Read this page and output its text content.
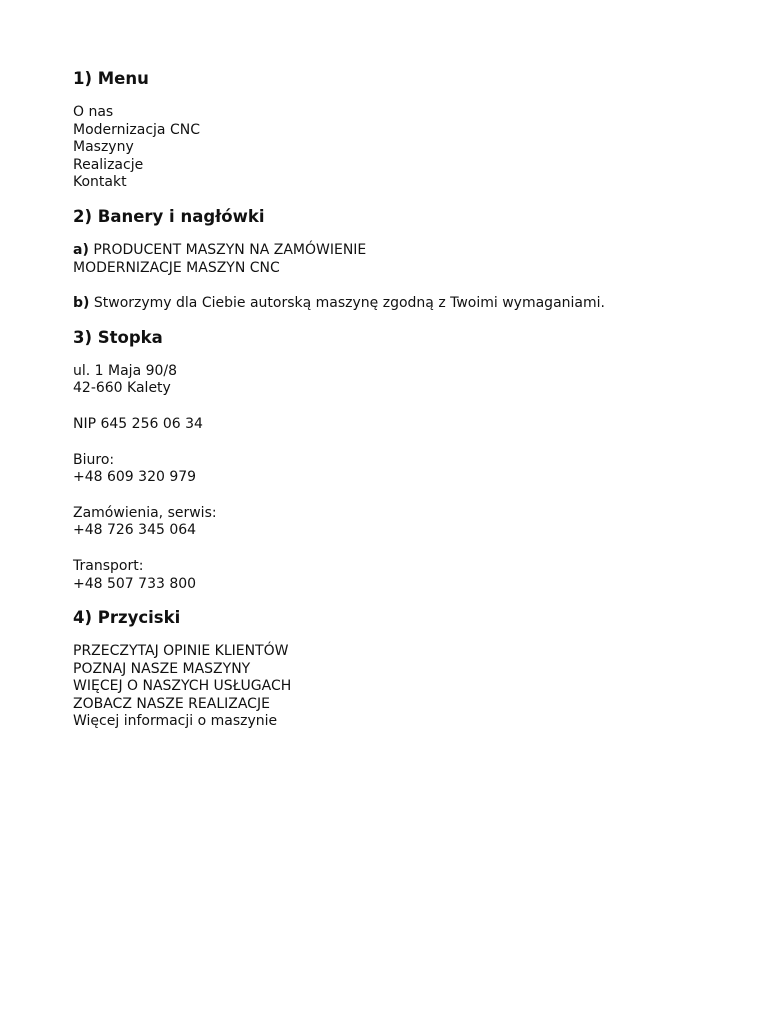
1) Menu
O nas
Modernizacja CNC
Maszyny
Realizacje
Kontakt
2) Banery i nagłówki
a) PRODUCENT MASZYN NA ZAMÓWIENIE
MODERNIZACJE MASZYN CNC
b) Stworzymy dla Ciebie autorską maszynę zgodną z Twoimi wymaganiami.
3) Stopka
ul. 1 Maja 90/8
42-660 Kalety
NIP 645 256 06 34
Biuro:
+48 609 320 979
Zamówienia, serwis:
+48 726 345 064
Transport:
+48 507 733 800
4) Przyciski
PRZECZYTAJ OPINIE KLIENTÓW
POZNAJ NASZE MASZYNY
WIĘCEJ O NASZYCH USŁUGACH
ZOBACZ NASZE REALIZACJE
Więcej informacji o maszynie
